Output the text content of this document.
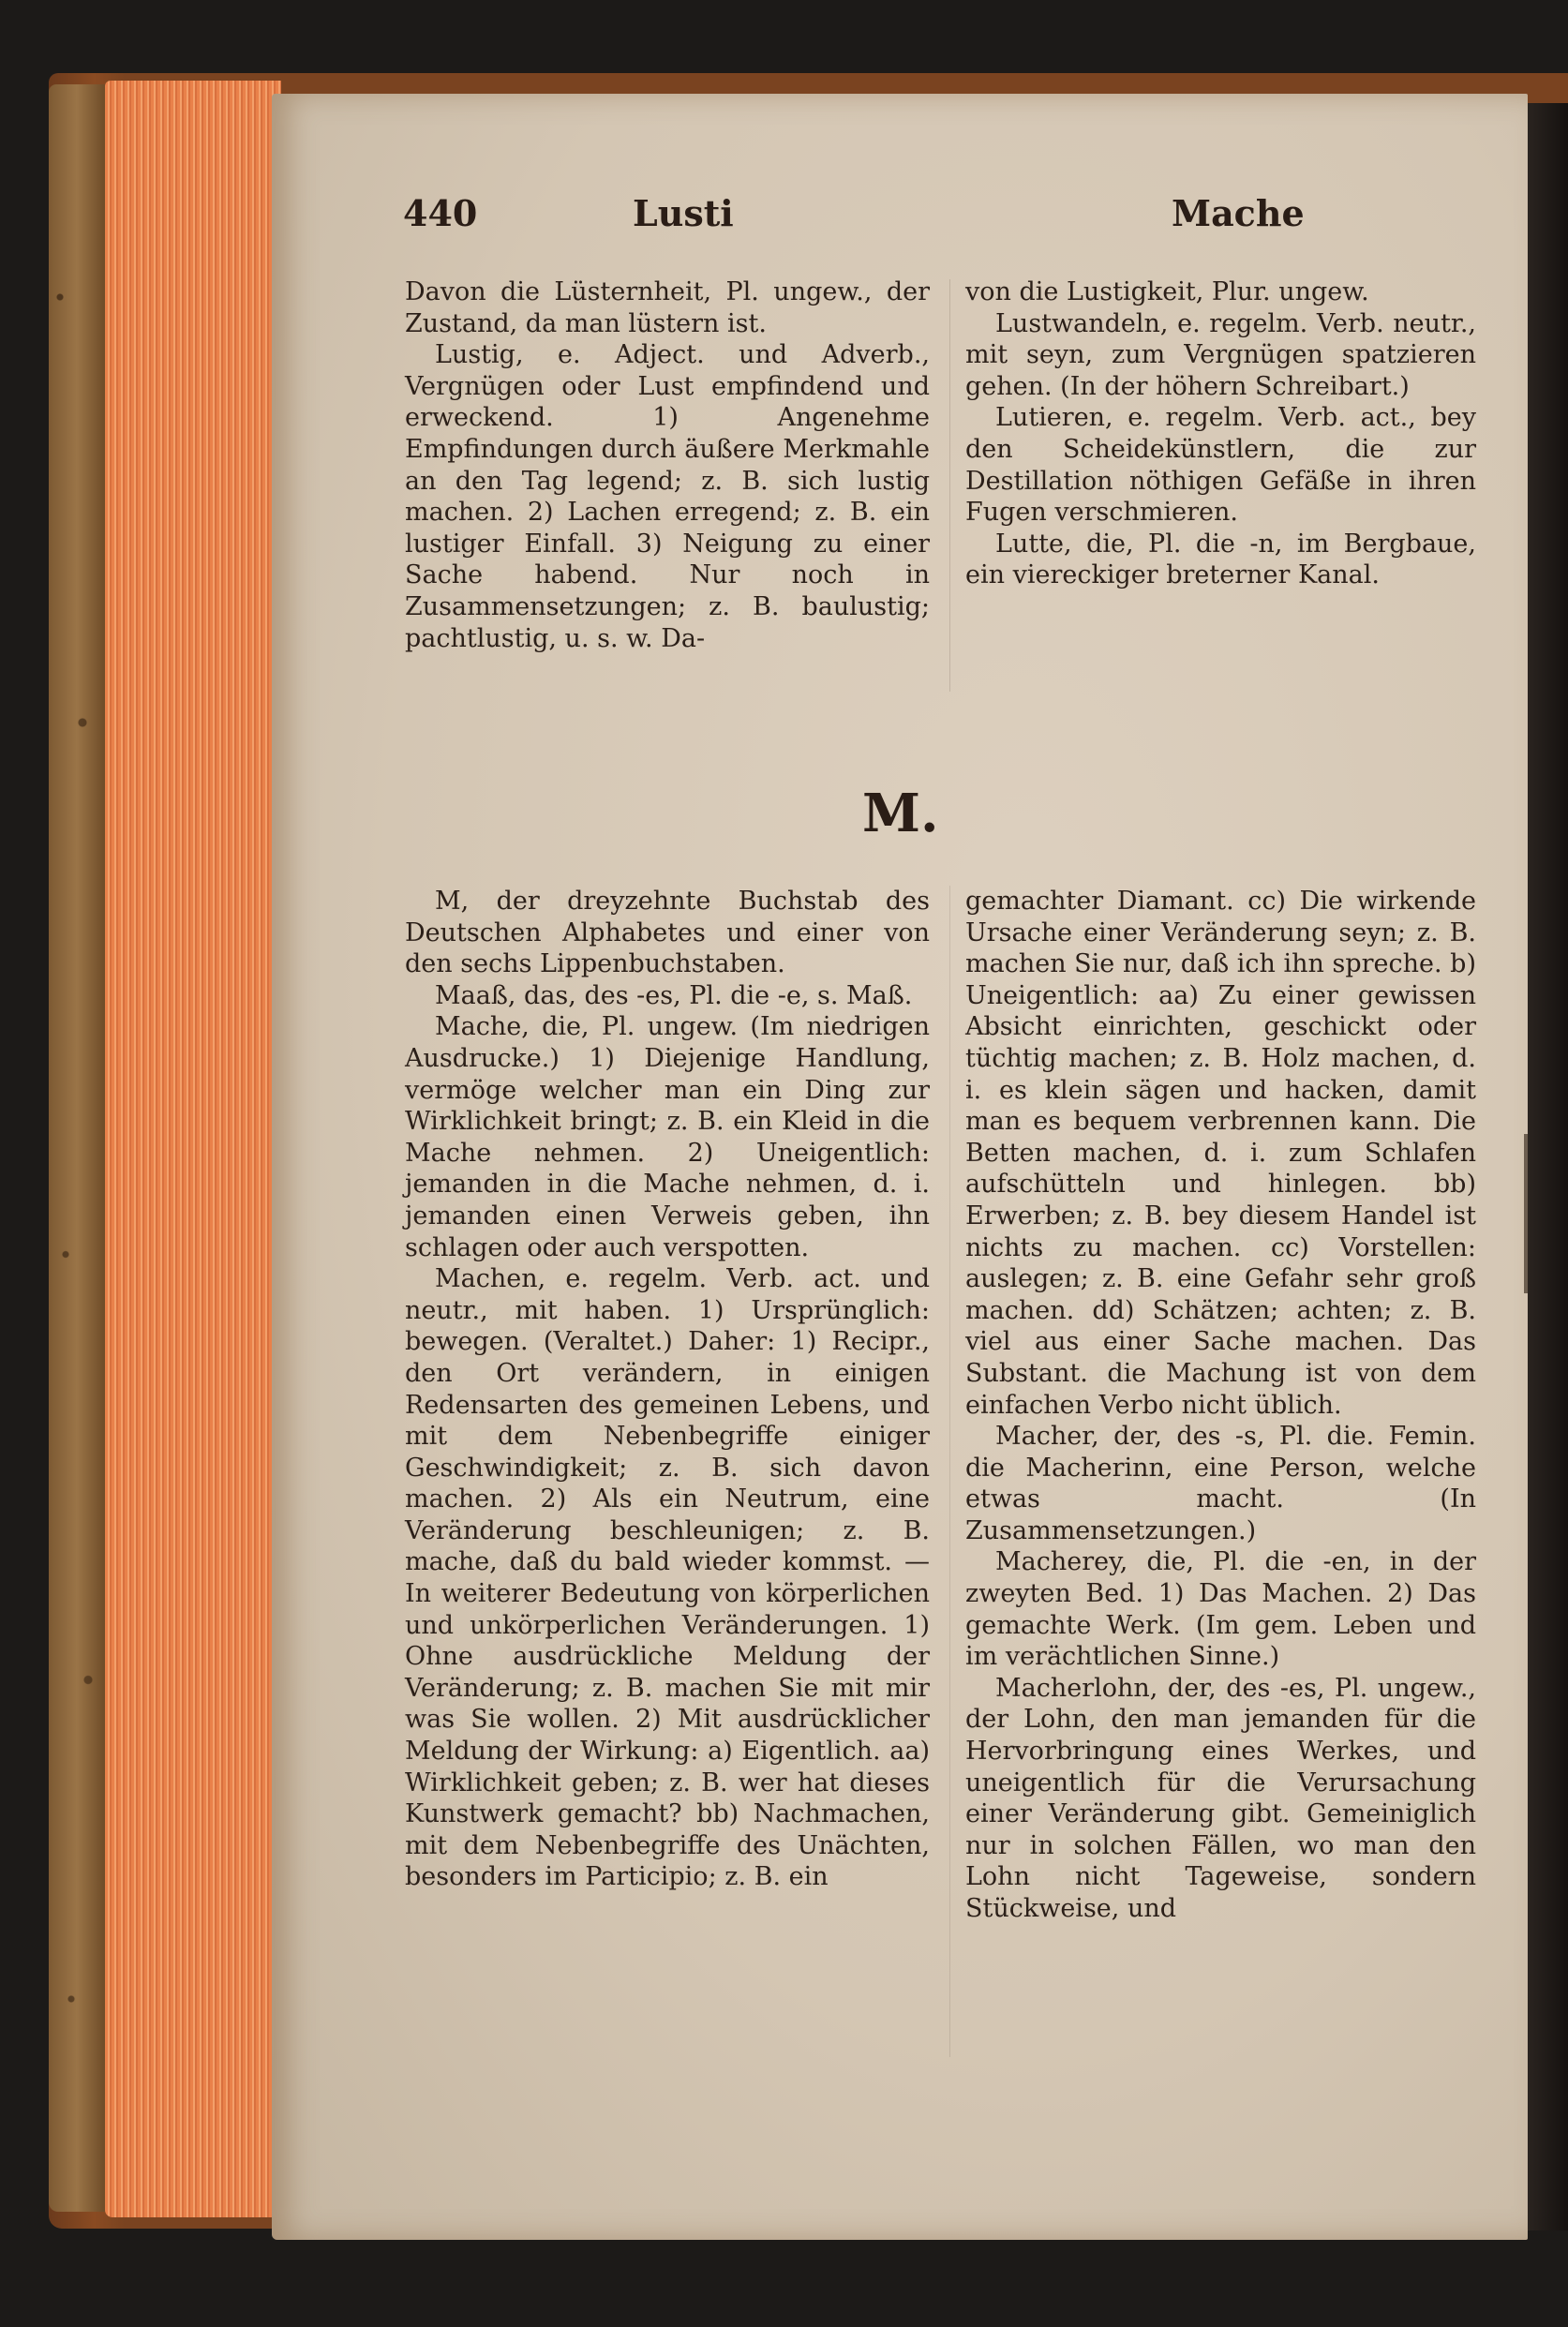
440	Lusti	Mache

Davon die Lüsternheit, Pl. ungew., der Zustand, da man lüstern ist.

Lustig, e. Adject. und Adverb., Vergnügen oder Lust empfindend und erweckend. 1) Angenehme Empfindungen durch äußere Merkmahle an den Tag legend; z. B. sich lustig machen. 2) Lachen erregend; z. B. ein lustiger Einfall. 3) Neigung zu einer Sache habend. Nur noch in Zusammensetzungen; z. B. baulustig; pachtlustig, u. s. w. Da-

von die Lustigkeit, Plur. ungew.

Lustwandeln, e. regelm. Verb. neutr., mit seyn, zum Vergnügen spatzieren gehen. (In der höhern Schreibart.)

Lutieren, e. regelm. Verb. act., bey den Scheidekünstlern, die zur Destillation nöthigen Gefäße in ihren Fugen verschmieren.

Lutte, die, Pl. die -n, im Bergbaue, ein viereckiger breterner Kanal.

M.

M, der dreyzehnte Buchstab des Deutschen Alphabetes und einer von den sechs Lippenbuchstaben.

Maaß, das, des -es, Pl. die -e, s. Maß.

Mache, die, Pl. ungew. (Im niedrigen Ausdrucke.) 1) Diejenige Handlung, vermöge welcher man ein Ding zur Wirklichkeit bringt; z. B. ein Kleid in die Mache nehmen. 2) Uneigentlich: jemanden in die Mache nehmen, d. i. jemanden einen Verweis geben, ihn schlagen oder auch verspotten.

Machen, e. regelm. Verb. act. und neutr., mit haben. 1) Ursprünglich: bewegen. (Veraltet.) Daher: 1) Recipr., den Ort verändern, in einigen Redensarten des gemeinen Lebens, und mit dem Nebenbegriffe einiger Geschwindigkeit; z. B. sich davon machen. 2) Als ein Neutrum, eine Veränderung beschleunigen; z. B. mache, daß du bald wieder kommst. — In weiterer Bedeutung von körperlichen und unkörperlichen Veränderungen. 1) Ohne ausdrückliche Meldung der Veränderung; z. B. machen Sie mit mir was Sie wollen. 2) Mit ausdrücklicher Meldung der Wirkung: a) Eigentlich. aa) Wirklichkeit geben; z. B. wer hat dieses Kunstwerk gemacht? bb) Nachmachen, mit dem Nebenbegriffe des Unächten, besonders im Participio; z. B. ein

gemachter Diamant. cc) Die wirkende Ursache einer Veränderung seyn; z. B. machen Sie nur, daß ich ihn spreche. b) Uneigentlich: aa) Zu einer gewissen Absicht einrichten, geschickt oder tüchtig machen; z. B. Holz machen, d. i. es klein sägen und hacken, damit man es bequem verbrennen kann. Die Betten machen, d. i. zum Schlafen aufschütteln und hinlegen. bb) Erwerben; z. B. bey diesem Handel ist nichts zu machen. cc) Vorstellen: auslegen; z. B. eine Gefahr sehr groß machen. dd) Schätzen; achten; z. B. viel aus einer Sache machen. Das Substant. die Machung ist von dem einfachen Verbo nicht üblich.

Macher, der, des -s, Pl. die. Femin. die Macherinn, eine Person, welche etwas macht. (In Zusammensetzungen.)

Macherey, die, Pl. die -en, in der zweyten Bed. 1) Das Machen. 2) Das gemachte Werk. (Im gem. Leben und im verächtlichen Sinne.)

Macherlohn, der, des -es, Pl. ungew., der Lohn, den man jemanden für die Hervorbringung eines Werkes, und uneigentlich für die Verursachung einer Veränderung gibt. Gemeiniglich nur in solchen Fällen, wo man den Lohn nicht Tageweise, sondern Stückweise, und
